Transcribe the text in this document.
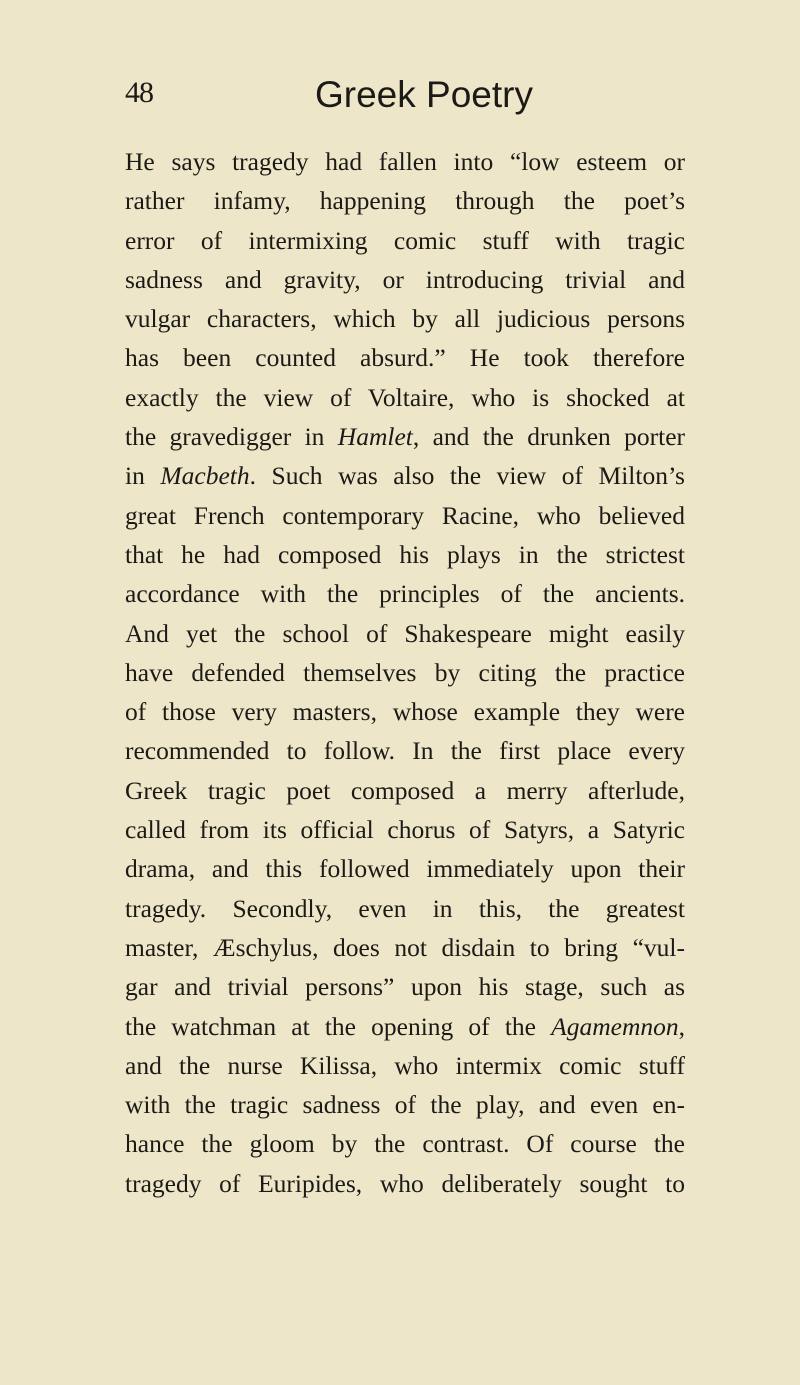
48	Greek Poetry
He says tragedy had fallen into “low esteem or
rather infamy, happening through the poet’s
error of intermixing comic stuff with tragic
sadness and gravity, or introducing trivial and
vulgar characters, which by all judicious persons
has been counted absurd.” He took therefore
exactly the view of Voltaire, who is shocked at
the gravedigger in Hamlet, and the drunken porter
in Macbeth. Such was also the view of Milton’s
great French contemporary Racine, who believed
that he had composed his plays in the strictest
accordance with the principles of the ancients.
And yet the school of Shakespeare might easily
have defended themselves by citing the practice
of those very masters, whose example they were
recommended to follow. In the first place every
Greek tragic poet composed a merry afterlude,
called from its official chorus of Satyrs, a Satyric
drama, and this followed immediately upon their
tragedy. Secondly, even in this, the greatest
master, Æschylus, does not disdain to bring “vul-
gar and trivial persons” upon his stage, such as
the watchman at the opening of the Agamemnon,
and the nurse Kilissa, who intermix comic stuff
with the tragic sadness of the play, and even en-
hance the gloom by the contrast. Of course the
tragedy of Euripides, who deliberately sought to
